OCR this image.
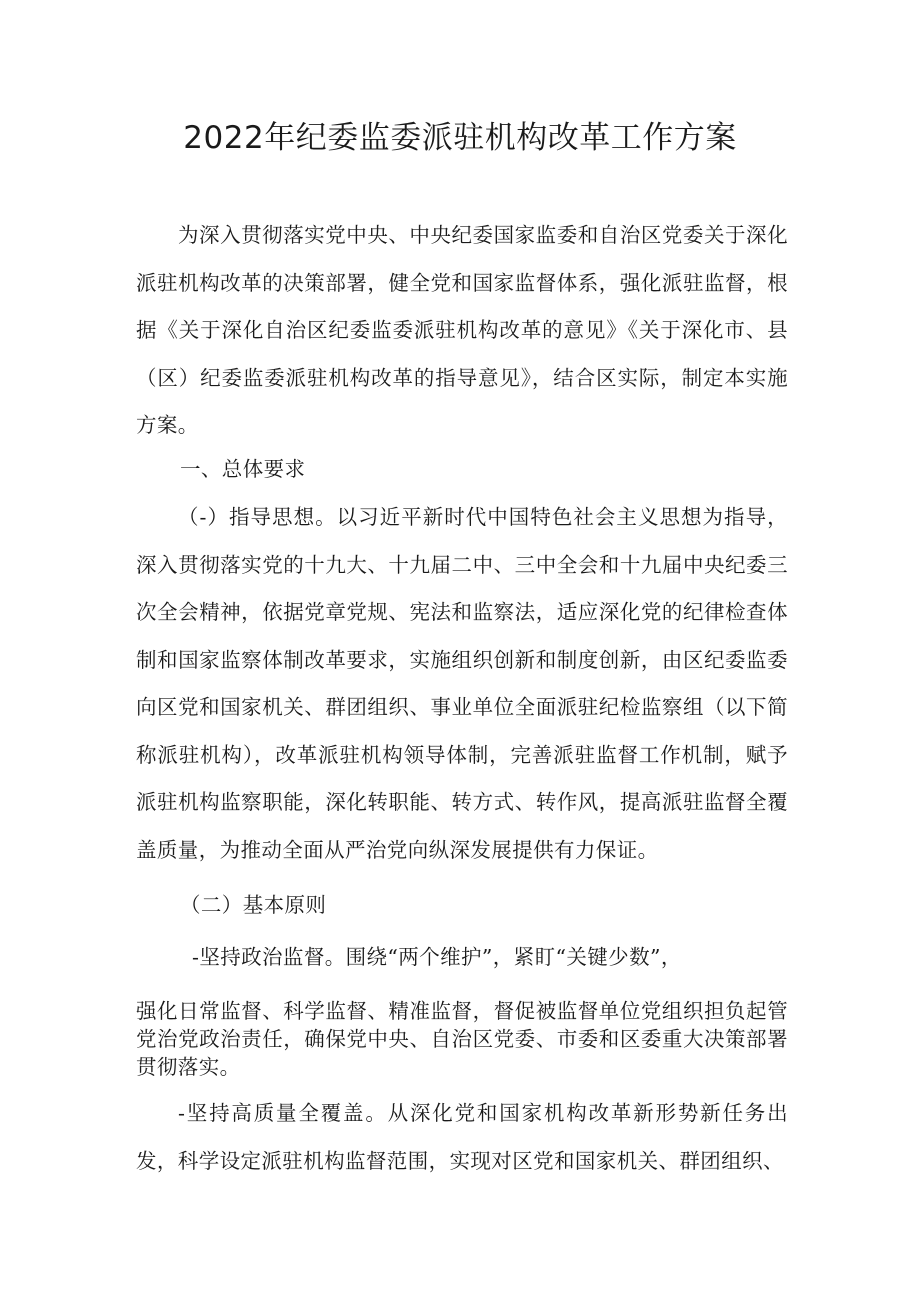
2022年纪委监委派驻机构改革工作方案

为深入贯彻落实党中央、中央纪委国家监委和自治区党委关于深化派驻机构改革的决策部署，健全党和国家监督体系，强化派驻监督，根据《关于深化自治区纪委监委派驻机构改革的意见》《关于深化市、县（区）纪委监委派驻机构改革的指导意见》，结合区实际，制定本实施方案。

一、总体要求

（-）指导思想。以习近平新时代中国特色社会主义思想为指导，深入贯彻落实党的十九大、十九届二中、三中全会和十九届中央纪委三次全会精神，依据党章党规、宪法和监察法，适应深化党的纪律检查体制和国家监察体制改革要求，实施组织创新和制度创新，由区纪委监委向区党和国家机关、群团组织、事业单位全面派驻纪检监察组（以下简称派驻机构），改革派驻机构领导体制，完善派驻监督工作机制，赋予派驻机构监察职能，深化转职能、转方式、转作风，提高派驻监督全覆盖质量，为推动全面从严治党向纵深发展提供有力保证。

（二）基本原则

-坚持政治监督。围绕“两个维护”，紧盯“关键少数”，

强化日常监督、科学监督、精准监督，督促被监督单位党组织担负起管党治党政治责任，确保党中央、自治区党委、市委和区委重大决策部署贯彻落实。

-坚持高质量全覆盖。从深化党和国家机构改革新形势新任务出发，科学设定派驻机构监督范围，实现对区党和国家机关、群团组织、
